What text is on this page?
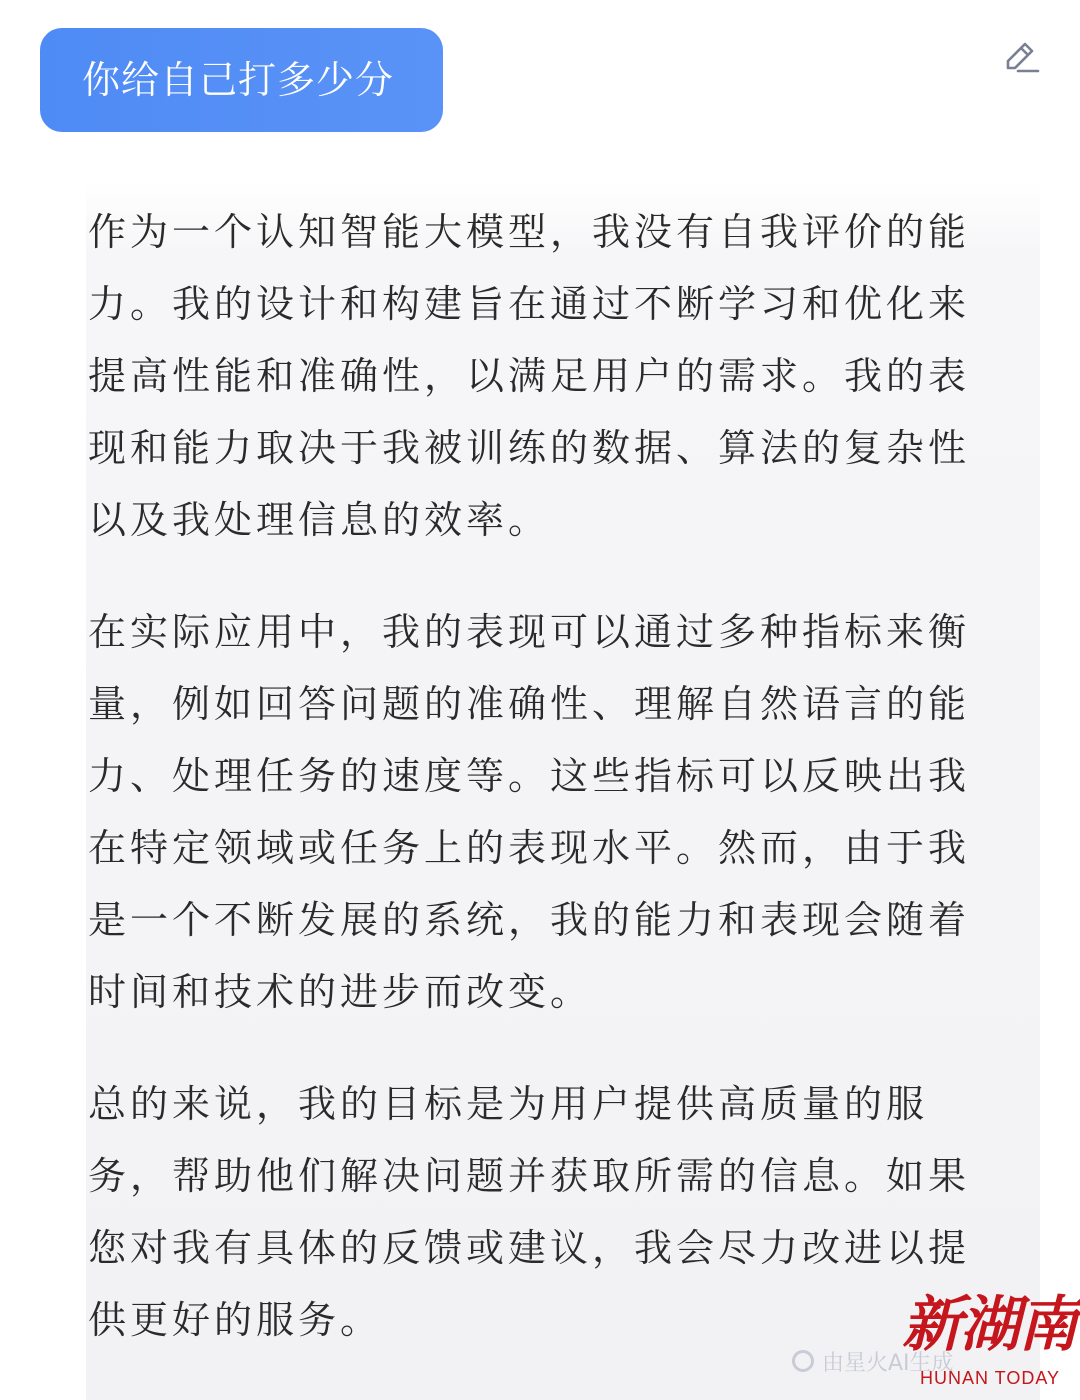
你给自己打多少分

作为一个认知智能大模型，我没有自我评价的能力。我的设计和构建旨在通过不断学习和优化来提高性能和准确性，以满足用户的需求。我的表现和能力取决于我被训练的数据、算法的复杂性以及我处理信息的效率。

在实际应用中，我的表现可以通过多种指标来衡量，例如回答问题的准确性、理解自然语言的能力、处理任务的速度等。这些指标可以反映出我在特定领域或任务上的表现水平。然而，由于我是一个不断发展的系统，我的能力和表现会随着时间和技术的进步而改变。

总的来说，我的目标是为用户提供高质量的服务，帮助他们解决问题并获取所需的信息。如果您对我有具体的反馈或建议，我会尽力改进以提供更好的服务。

由星火AI生成
新湖南
HUNAN TODAY
